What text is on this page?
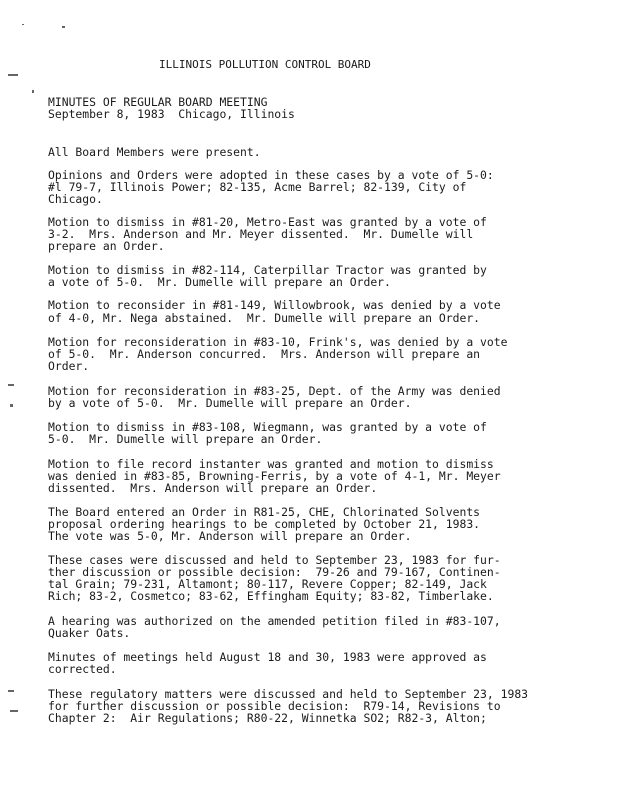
ILLINOIS POLLUTION CONTROL BOARD
MINUTES OF REGULAR BOARD MEETING
September 8, 1983  Chicago, Illinois
All Board Members were present.
Opinions and Orders were adopted in these cases by a vote of 5-0:
#l 79-7, Illinois Power; 82-135, Acme Barrel; 82-139, City of
Chicago.
Motion to dismiss in #81-20, Metro-East was granted by a vote of
3-2.  Mrs. Anderson and Mr. Meyer dissented.  Mr. Dumelle will
prepare an Order.
Motion to dismiss in #82-114, Caterpillar Tractor was granted by
a vote of 5-0.  Mr. Dumelle will prepare an Order.
Motion to reconsider in #81-149, Willowbrook, was denied by a vote
of 4-0, Mr. Nega abstained.  Mr. Dumelle will prepare an Order.
Motion for reconsideration in #83-10, Frink's, was denied by a vote
of 5-0.  Mr. Anderson concurred.  Mrs. Anderson will prepare an
Order.
Motion for reconsideration in #83-25, Dept. of the Army was denied
by a vote of 5-0.  Mr. Dumelle will prepare an Order.
Motion to dismiss in #83-108, Wiegmann, was granted by a vote of
5-0.  Mr. Dumelle will prepare an Order.
Motion to file record instanter was granted and motion to dismiss
was denied in #83-85, Browning-Ferris, by a vote of 4-1, Mr. Meyer
dissented.  Mrs. Anderson will prepare an Order.
The Board entered an Order in R81-25, CHE, Chlorinated Solvents
proposal ordering hearings to be completed by October 21, 1983.
The vote was 5-0, Mr. Anderson will prepare an Order.
These cases were discussed and held to September 23, 1983 for fur-
ther discussion or possible decision:  79-26 and 79-167, Continen-
tal Grain; 79-231, Altamont; 80-117, Revere Copper; 82-149, Jack
Rich; 83-2, Cosmetco; 83-62, Effingham Equity; 83-82, Timberlake.
A hearing was authorized on the amended petition filed in #83-107,
Quaker Oats.
Minutes of meetings held August 18 and 30, 1983 were approved as
corrected.
These regulatory matters were discussed and held to September 23, 1983
for further discussion or possible decision:  R79-14, Revisions to
Chapter 2:  Air Regulations; R80-22, Winnetka SO2; R82-3, Alton;
